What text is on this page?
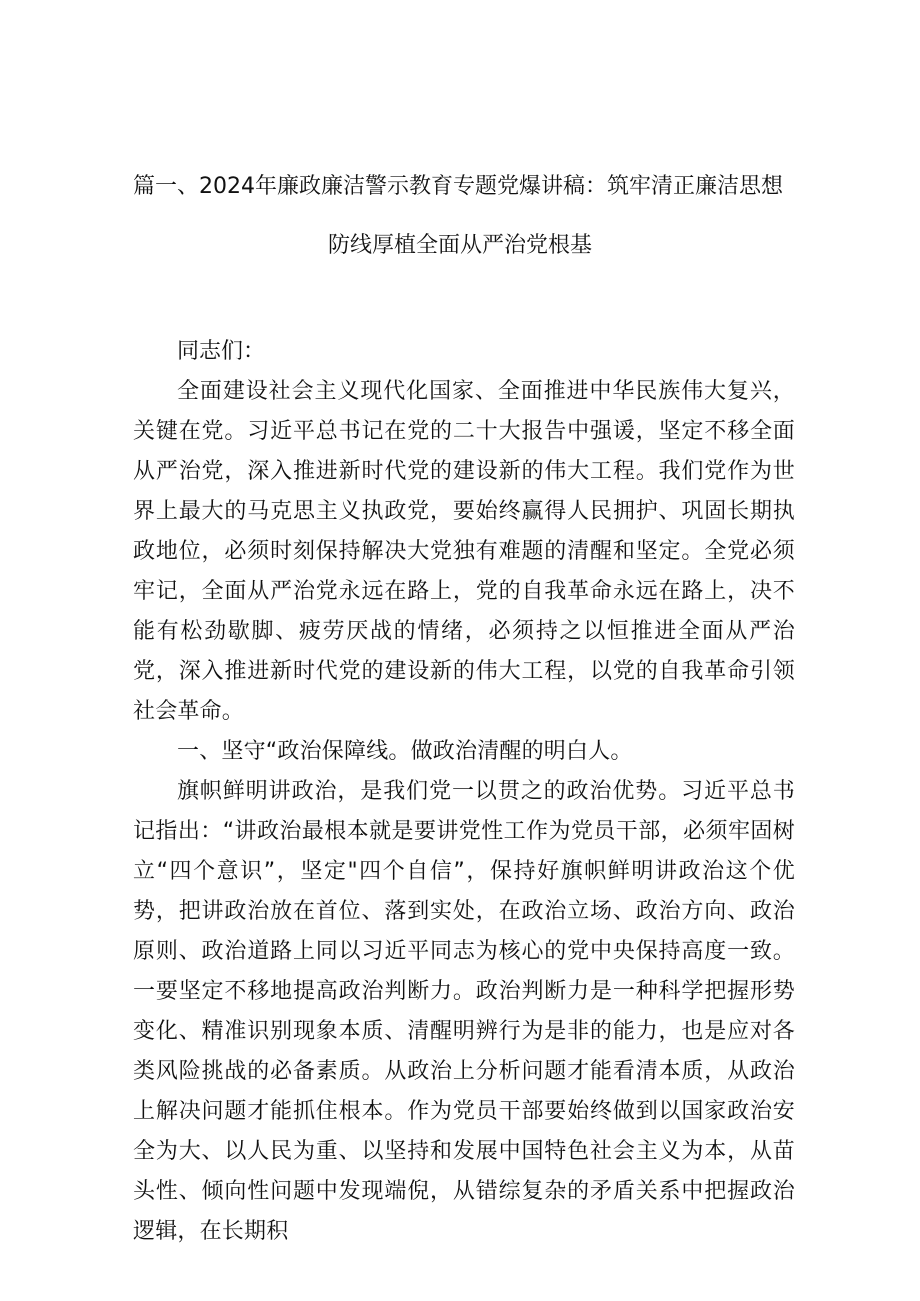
篇一、2024年廉政廉洁警示教育专题党爆讲稿：筑牢清正廉洁思想
防线厚植全面从严治党根基

同志们：

全面建设社会主义现代化国家、全面推进中华民族伟大复兴，关键在党。习近平总书记在党的二十大报告中强谖，坚定不移全面从严治党，深入推进新时代党的建设新的伟大工程。我们党作为世界上最大的马克思主义执政党，要始终赢得人民拥护、巩固长期执政地位，必须时刻保持解决大党独有难题的清醒和坚定。全党必须牢记，全面从严治党永远在路上，党的自我革命永远在路上，决不能有松劲歇脚、疲劳厌战的情绪，必须持之以恒推进全面从严治党，深入推进新时代党的建设新的伟大工程，以党的自我革命引领社会革命。

一、坚守“政治保障线。做政治清醒的明白人。

旗帜鲜明讲政治，是我们党一以贯之的政治优势。习近平总书记指出：“讲政治最根本就是要讲党性工作为党员干部，必须牢固树立“四个意识”，坚定"四个自信”，保持好旗帜鲜明讲政治这个优势，把讲政治放在首位、落到实处，在政治立场、政治方向、政治原则、政治道路上同以习近平同志为核心的党中央保持高度一致。一要坚定不移地提高政治判断力。政治判断力是一种科学把握形势变化、精准识别现象本质、清醒明辨行为是非的能力，也是应对各类风险挑战的必备素质。从政治上分析问题才能看清本质，从政治上解决问题才能抓住根本。作为党员干部要始终做到以国家政治安全为大、以人民为重、以坚持和发展中国特色社会主义为本，从苗头性、倾向性问题中发现端倪，从错综复杂的矛盾关系中把握政治逻辑，在长期积
